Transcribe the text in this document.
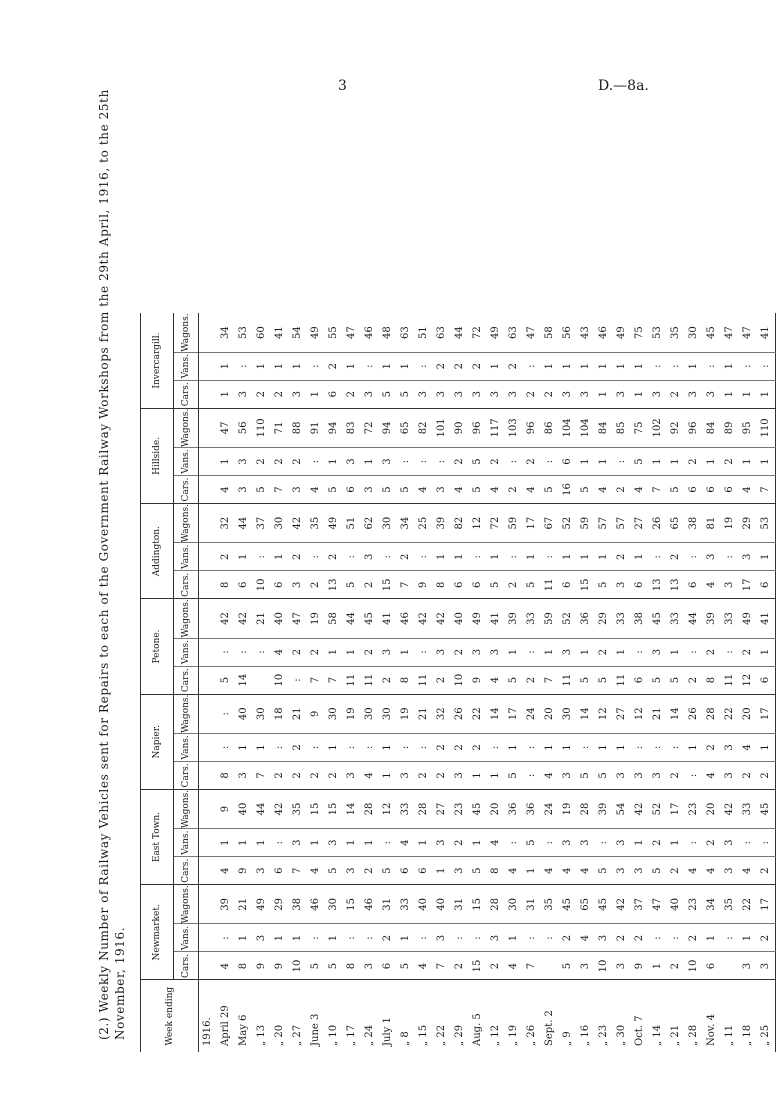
3	D.—8a.
(2.) Weekly Number of Railway Vehicles sent for Repairs to each of the Government Railway Workshops from the 29th April, 1916, to the 25th November, 1916.	Week ending	Newmarket.			East Town.			Napier.			Petone.			Addington.			Hillside.			Invercargill.		
	Cars.	Vans.	Wagons.	Cars.	Vans.	Wagons.	Cars.	Vans.	Wagons.	Cars.	Vans.	Wagons.	Cars.	Vans.	Wagons.	Cars.	Vans.	Wagons.	Cars.	Vans.	Wagons.
1916.																					
April 29	4	:	39	4	1	9	8	:	:	5	:	42	8	2	32	4	1	47	1	1	34
May 6	8	1	21	9	1	40	3	1	40	14	:	42	6	1	44	3	3	56	3	:	53
„ 13	9	3	49	3	1	44	7	1	30		:	21	10	:	37	5	2	110	2	1	60
„ 20	9	1	29	6	:	42	2	:	18	10	4	40	6	1	30	7	2	71	2	1	41
„ 27	10	1	38	7	3	35	2	2	21	:	2	47	3	2	42	3	2	88	3	1	54
June 3	5	:	46	4	1	15	2	:	9	7	2	19	2	:	35	4	:	91	1	:	49
„ 10	5	1	30	5	3	15	2	1	30	7	1	58	13	2	49	5	1	94	6	2	55
„ 17	8	:	15	3	1	14	3	:	19	11	1	44	5	:	51	6	3	83	2	1	47
„ 24	3	:	46	2	1	28	4	:	30	11	2	45	2	3	62	3	1	72	3	:	46
July 1	6	2	31	5	:	12	1	1	30	2	3	41	15	:	30	5	3	94	5	1	48
„ 8	5	1	33	6	4	33	3	:	19	8	1	46	7	2	34	5	:	65	5	1	63
„ 15	4	:	40	6	1	28	2	:	21	11	:	42	9	:	25	4	:	82	3	:	51
„ 22	7	3	40	1	3	27	2	2	32	2	3	42	8	1	39	3	:	101	3	2	63
„ 29	2	:	31	3	2	23	3	2	26	10	2	40	6	1	82	4	2	90	3	2	44
Aug. 5	15	:	15	5	1	45	1	2	22	9	3	49	6	:	12	5	5	96	3	2	72
„ 12	2	3	28	8	4	20	1	:	14	4	3	41	5	1	72	4	2	117	3	1	49
„ 19	4	1	30	4	:	36	5	1	17	5	1	39	2	:	59	2	:	103	3	2	63
„ 26	7	:	31	1	5	36	:	:	24	2	:	33	5	1	17	4	2	96	2	:	47
Sept. 2		:	35	4	:	24	4	1	20	7	1	59	11	:	67	5	:	86	2	1	58
„ 9	5	2	45	4	3	19	3	1	30	11	3	52	6	1	52	16	6	104	3	1	56
„ 16	3	4	65	4	3	28	5	:	14	5	1	36	15	1	59	5	1	104	3	1	43
„ 23	10	3	45	5	:	39	5	1	12	5	2	29	5	1	57	4	1	84	1	1	46
„ 30	3	2	42	3	3	54	3	1	27	11	1	33	3	2	57	2	:	85	3	1	49
Oct. 7	9	2	37	3	1	42	3	:	12	6	:	38	6	1	27	4	5	75	1	1	75
„ 14	1	:	47	5	2	52	3	:	21	5	3	45	13	:	26	7	1	102	3	:	53
„ 21	2	:	40	2	1	17	2	:	14	5	1	33	13	2	65	5	1	92	2	:	35
„ 28	10	2	23	4	:	23	:	1	26	2	:	44	6	:	38	6	2	96	3	1	30
Nov. 4	6	1	34	4	2	20	4	2	28	8	2	39	4	3	81	6	1	84	3	:	45
„ 11		:	35	3	3	42	3	3	22	11	:	33	3	:	19	6	2	89	1	1	47
„ 18	3	1	22	4	:	33	2	4	20	12	2	49	17	3	29	4	1	95	1	:	47
„ 25	3	2	17	2	:	45	2	1	17	6	1	41	6	1	53	7	1	110	1	:	41
